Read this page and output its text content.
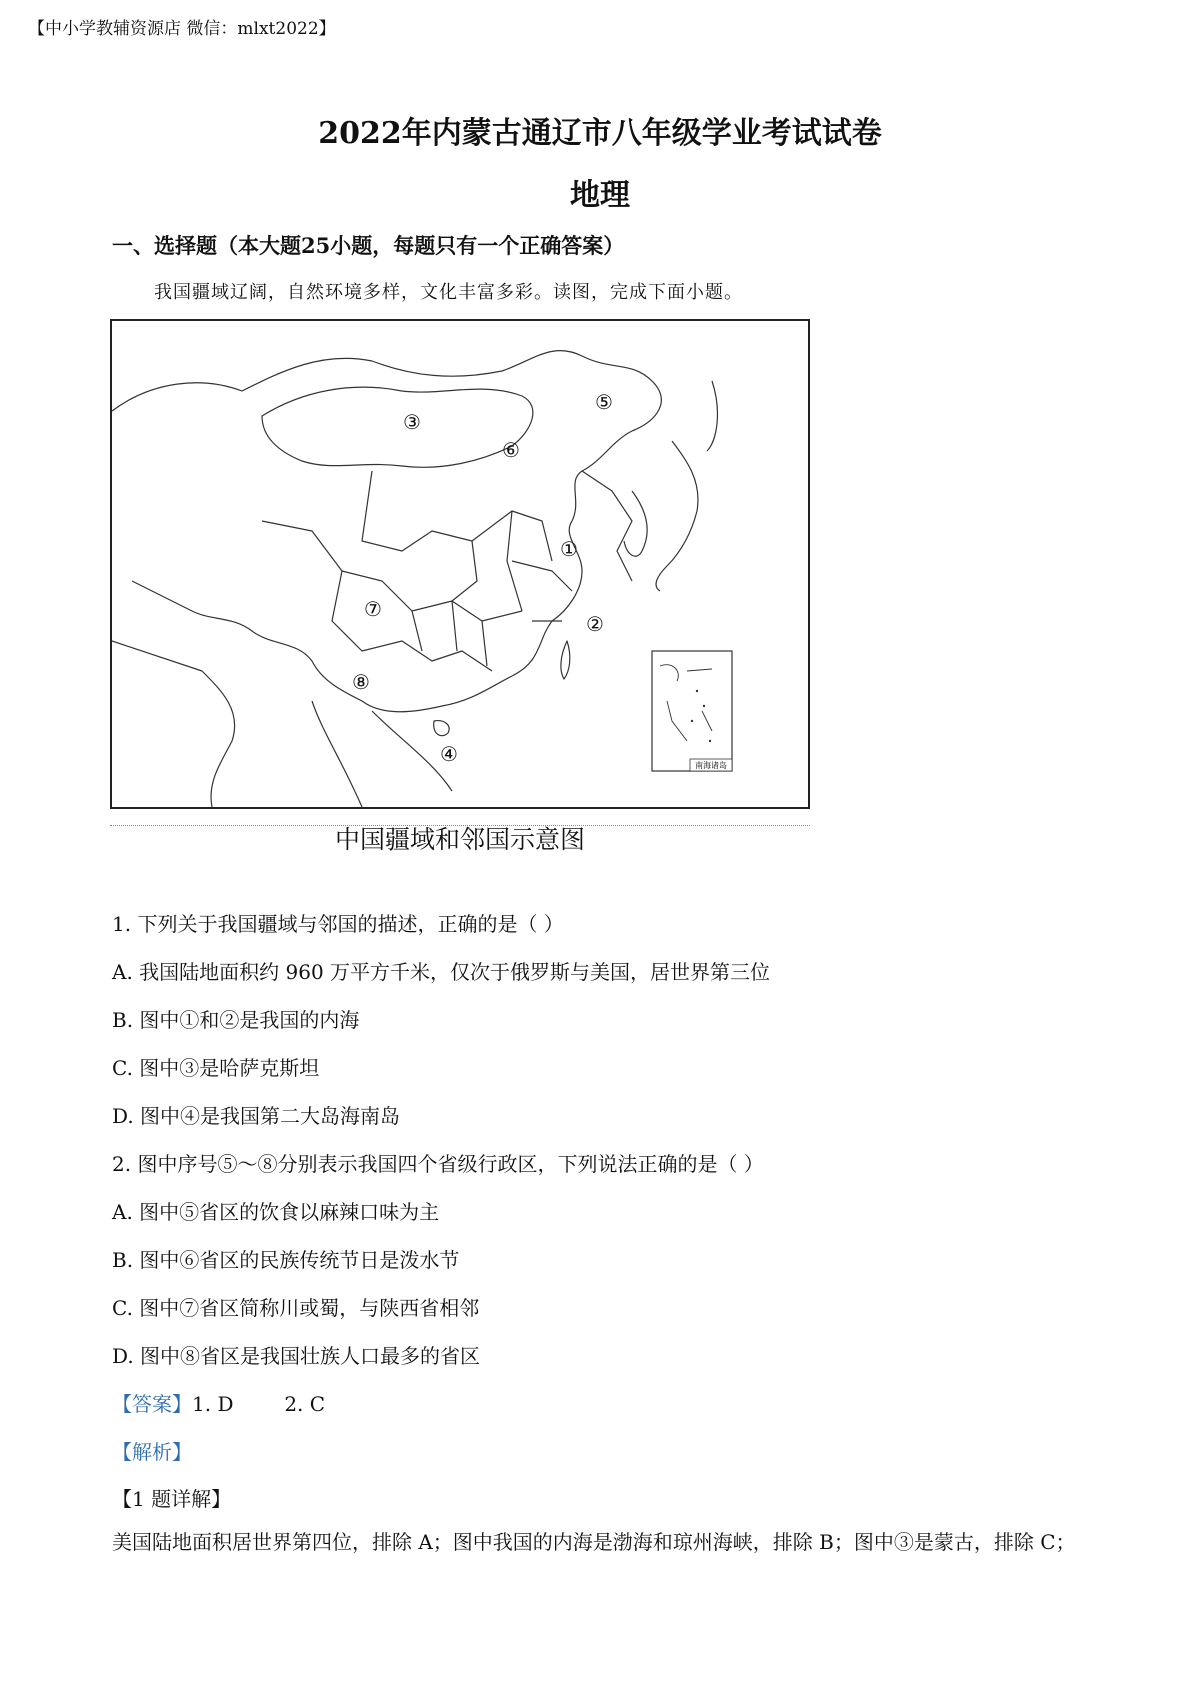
【中小学教辅资源店 微信：mlxt2022】
2022年内蒙古通辽市八年级学业考试试卷
地理
一、选择题（本大题25小题，每题只有一个正确答案）
我国疆域辽阔，自然环境多样，文化丰富多彩。读图，完成下面小题。
南海诸岛
①
②
③
④
⑤
⑥
⑦
⑧
中国疆域和邻国示意图
1. 下列关于我国疆域与邻国的描述，正确的是（ ）
A. 我国陆地面积约 960 万平方千米，仅次于俄罗斯与美国，居世界第三位
B. 图中①和②是我国的内海
C. 图中③是哈萨克斯坦
D. 图中④是我国第二大岛海南岛
2. 图中序号⑤～⑧分别表示我国四个省级行政区，下列说法正确的是（ ）
A. 图中⑤省区的饮食以麻辣口味为主
B. 图中⑥省区的民族传统节日是泼水节
C. 图中⑦省区简称川或蜀，与陕西省相邻
D. 图中⑧省区是我国壮族人口最多的省区
【答案】1. D        2. C
【解析】
【1 题详解】
美国陆地面积居世界第四位，排除 A；图中我国的内海是渤海和琼州海峡，排除 B；图中③是蒙古，排除 C；
